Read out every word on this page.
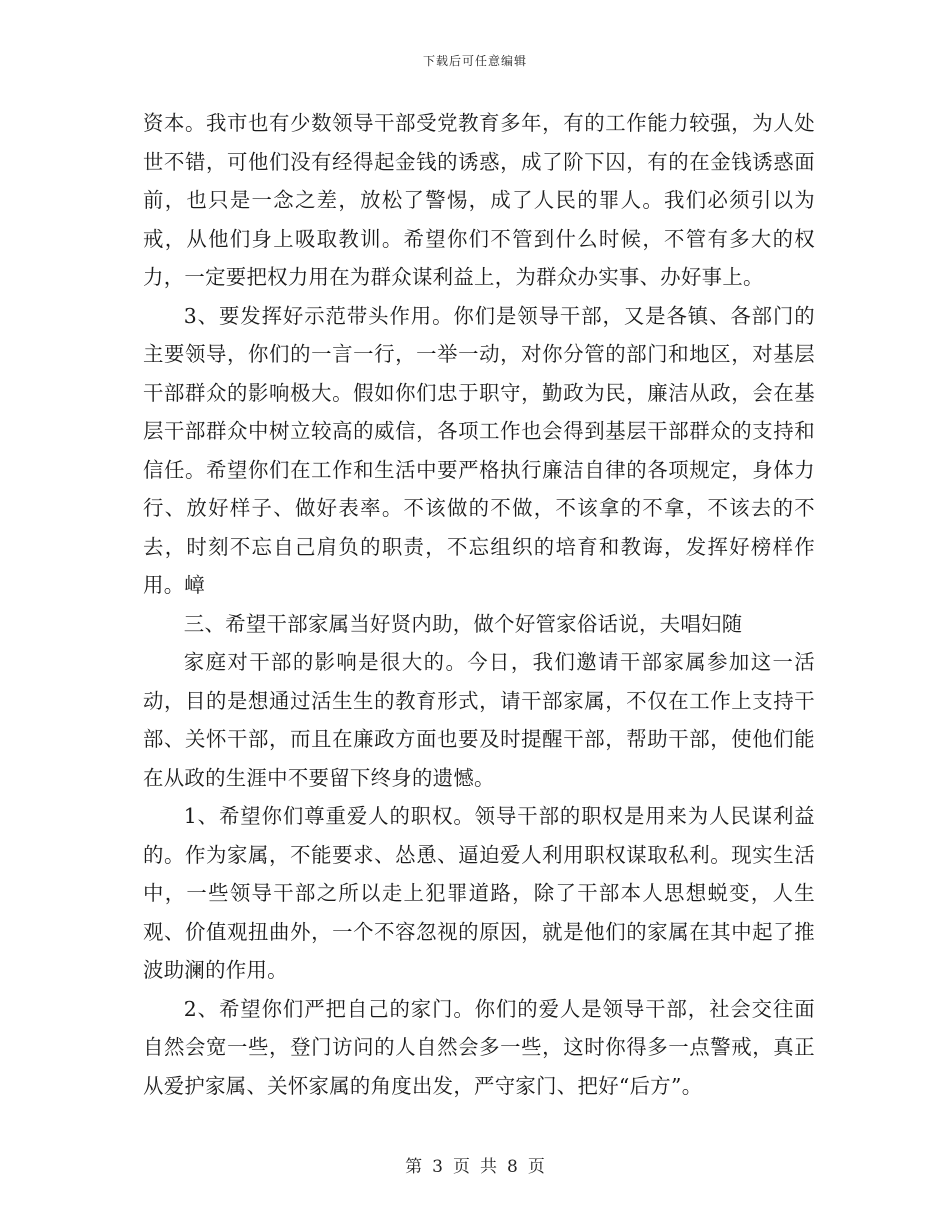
下载后可任意编辑

资本。我市也有少数领导干部受党教育多年，有的工作能力较强，为人处世不错，可他们没有经得起金钱的诱惑，成了阶下囚，有的在金钱诱惑面前，也只是一念之差，放松了警惕，成了人民的罪人。我们必须引以为戒，从他们身上吸取教训。希望你们不管到什么时候，不管有多大的权力，一定要把权力用在为群众谋利益上，为群众办实事、办好事上。

3、要发挥好示范带头作用。你们是领导干部，又是各镇、各部门的主要领导，你们的一言一行，一举一动，对你分管的部门和地区，对基层干部群众的影响极大。假如你们忠于职守，勤政为民，廉洁从政，会在基层干部群众中树立较高的威信，各项工作也会得到基层干部群众的支持和信任。希望你们在工作和生活中要严格执行廉洁自律的各项规定，身体力行、放好样子、做好表率。不该做的不做，不该拿的不拿，不该去的不去，时刻不忘自己肩负的职责，不忘组织的培育和教诲，发挥好榜样作用。嶂

三、希望干部家属当好贤内助，做个好管家俗话说，夫唱妇随

家庭对干部的影响是很大的。今日，我们邀请干部家属参加这一活动，目的是想通过活生生的教育形式，请干部家属，不仅在工作上支持干部、关怀干部，而且在廉政方面也要及时提醒干部，帮助干部，使他们能在从政的生涯中不要留下终身的遗憾。

1、希望你们尊重爱人的职权。领导干部的职权是用来为人民谋利益的。作为家属，不能要求、怂恿、逼迫爱人利用职权谋取私利。现实生活中，一些领导干部之所以走上犯罪道路，除了干部本人思想蜕变，人生观、价值观扭曲外，一个不容忽视的原因，就是他们的家属在其中起了推波助澜的作用。

2、希望你们严把自己的家门。你们的爱人是领导干部，社会交往面自然会宽一些，登门访问的人自然会多一些，这时你得多一点警戒，真正从爱护家属、关怀家属的角度出发，严守家门、把好“后方”。

第 3 页 共 8 页
